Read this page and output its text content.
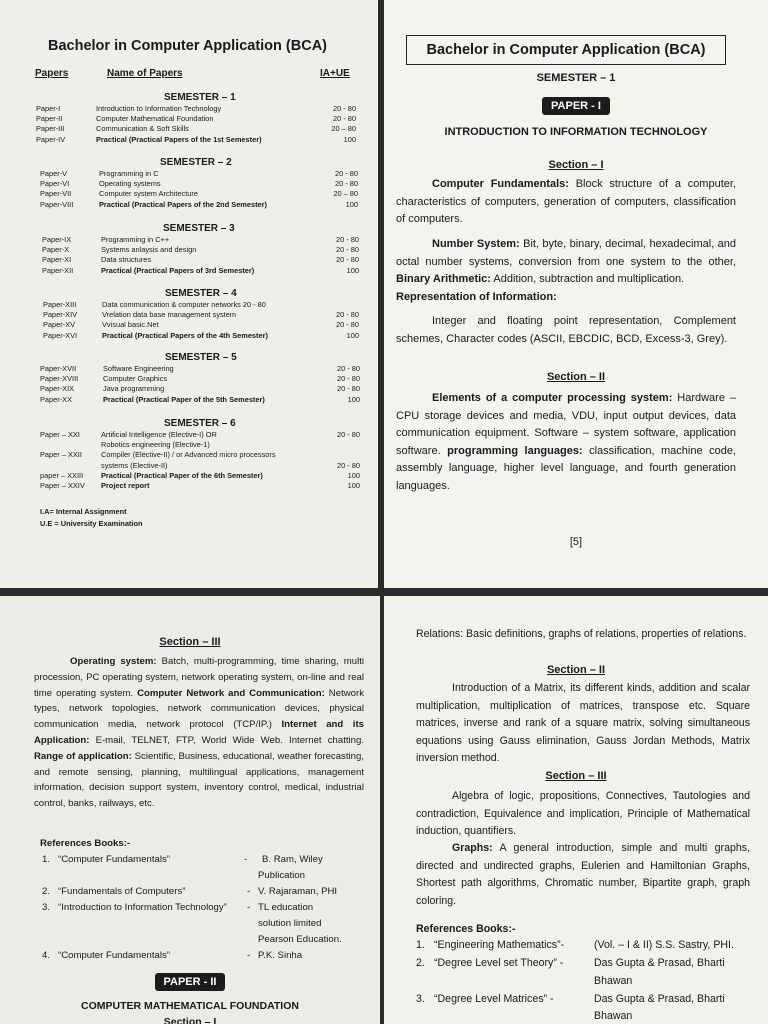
Bachelor in Computer Application (BCA)
Papers	Name of Papers	IA+UE
SEMESTER – 1
Paper-I	Introduction to Information Technology	20 - 80
Paper-II	Computer Mathematical Foundation	20 - 80
Paper-III	Communication & Soft Skills	20 – 80
Paper-IV	Practical (Practical Papers of the 1st Semester)	100
SEMESTER – 2
Paper-V	Programming in C	20 - 80
Paper-VI	Operating systems	20 - 80
Paper-VII	Computer system Architecture	20 – 80
Paper-VIII	Practical (Practical Papers of the 2nd Semester)	100
SEMESTER – 3
Paper-IX	Programming in C++	20 - 80
Paper-X	Systems anlaysis and design	20 - 80
Paper-XI	Data structures	20 - 80
Paper-XII	Practical (Practical Papers of 3rd Semester)	100
SEMESTER – 4
Paper-XIII	Data communication & computer networks 20 - 80
Paper-XIV	Vrelation data base management system	20 - 80
Paper-XV	Vvisual basic.Net	20 - 80
Paper-XVI	Practical (Practical Papers of the 4th Semester)	100
SEMESTER – 5
Paper-XVII	Software Engineering	20 - 80
Paper-XVIII	Computer Graphics	20 - 80
Paper-XIX	Java programming	20 - 80
Paper-XX	Practical (Practical Paper of the 5th Semester)	100
SEMESTER – 6
Paper – XXI	Artificial Intelligence (Elective-I) OR	20 - 80
Robotics engineering (Elective-1)
Paper – XXII	Compiler (Elective-II) / or Advanced micro processors
systems (Elective-II)	20 - 80
paper – XXIII	Practical (Practical Paper of the 6th Semester)	100
Paper – XXIV	Project report	100
I.A= Internal Assignment
U.E = University Examination
Bachelor in Computer Application (BCA)
SEMESTER – 1
PAPER - I
INTRODUCTION TO INFORMATION TECHNOLOGY
Section – I
Computer Fundamentals: Block structure of a computer, characteristics of computers, generation of computers, classification of computers.
Number System: Bit, byte, binary, decimal, hexadecimal, and octal number systems, conversion from one system to the other, Binary Arithmetic: Addition, subtraction and multiplication.
Representation of Information:
Integer and floating point representation, Complement schemes, Character codes (ASCII, EBCDIC, BCD, Excess-3, Grey).
Section – II
Elements of a computer processing system: Hardware – CPU storage devices and media, VDU, input output devices, data communication equipment. Software – system software, application software. programming languages: classification, machine code, assembly language, higher level language, and fourth generation languages.
[5]
Section – III
Operating system: Batch, multi-programming, time sharing, multi procession, PC operating system, network operating system, on-line and real time operating system. Computer Network and Communication: Network types, network topologies, network communication devices, physical communication media, network protocol (TCP/IP.) Internet and its Application: E-mail, TELNET, FTP, World Wide Web. Internet chatting. Range of application: Scientific, Business, educational, weather forecasting, and remote sensing, planning, multilingual applications, management information, decision support system, inventory control, medical, industrial control, banks, railways, etc.
References Books:-
1. “Computer Fundamentals”	- B. Ram, Wiley
Publication
2. “Fundamentals of Computers”	- V. Rajaraman, PHI
3. “Introduction to Information Technology” - TL education
solution limited
Pearson Education.
4. “Computer Fundamentals”	- P.K. Sinha
PAPER - II
COMPUTER MATHEMATICAL FOUNDATION
Section – I
Relations: Basic definitions, graphs of relations, properties of relations.
Section – II
Introduction of a Matrix, its different kinds, addition and scalar multiplication, multiplication of matrices, transpose etc. Square matrices, inverse and rank of a square matrix, solving simultaneous equations using Gauss elimination, Gauss Jordan Methods, Matrix inversion method.
Section – III
Algebra of logic, propositions, Connectives, Tautologies and contradiction, Equivalence and implication, Principle of Mathematical induction, quantifiers.
Graphs: A general introduction, simple and multi graphs, directed and undirected graphs, Eulerien and Hamiltonian Graphs, Shortest path algorithms, Chromatic number, Bipartite graph, graph coloring.
References Books:-
1. “Engineering Mathematics”-	(Vol. – I & II) S.S. Sastry, PHI.
2. “Degree Level set Theory” -	Das Gupta & Prasad, Bharti
Bhawan
3. “Degree Level Matrices” -	Das Gupta & Prasad, Bharti
Bhawan
